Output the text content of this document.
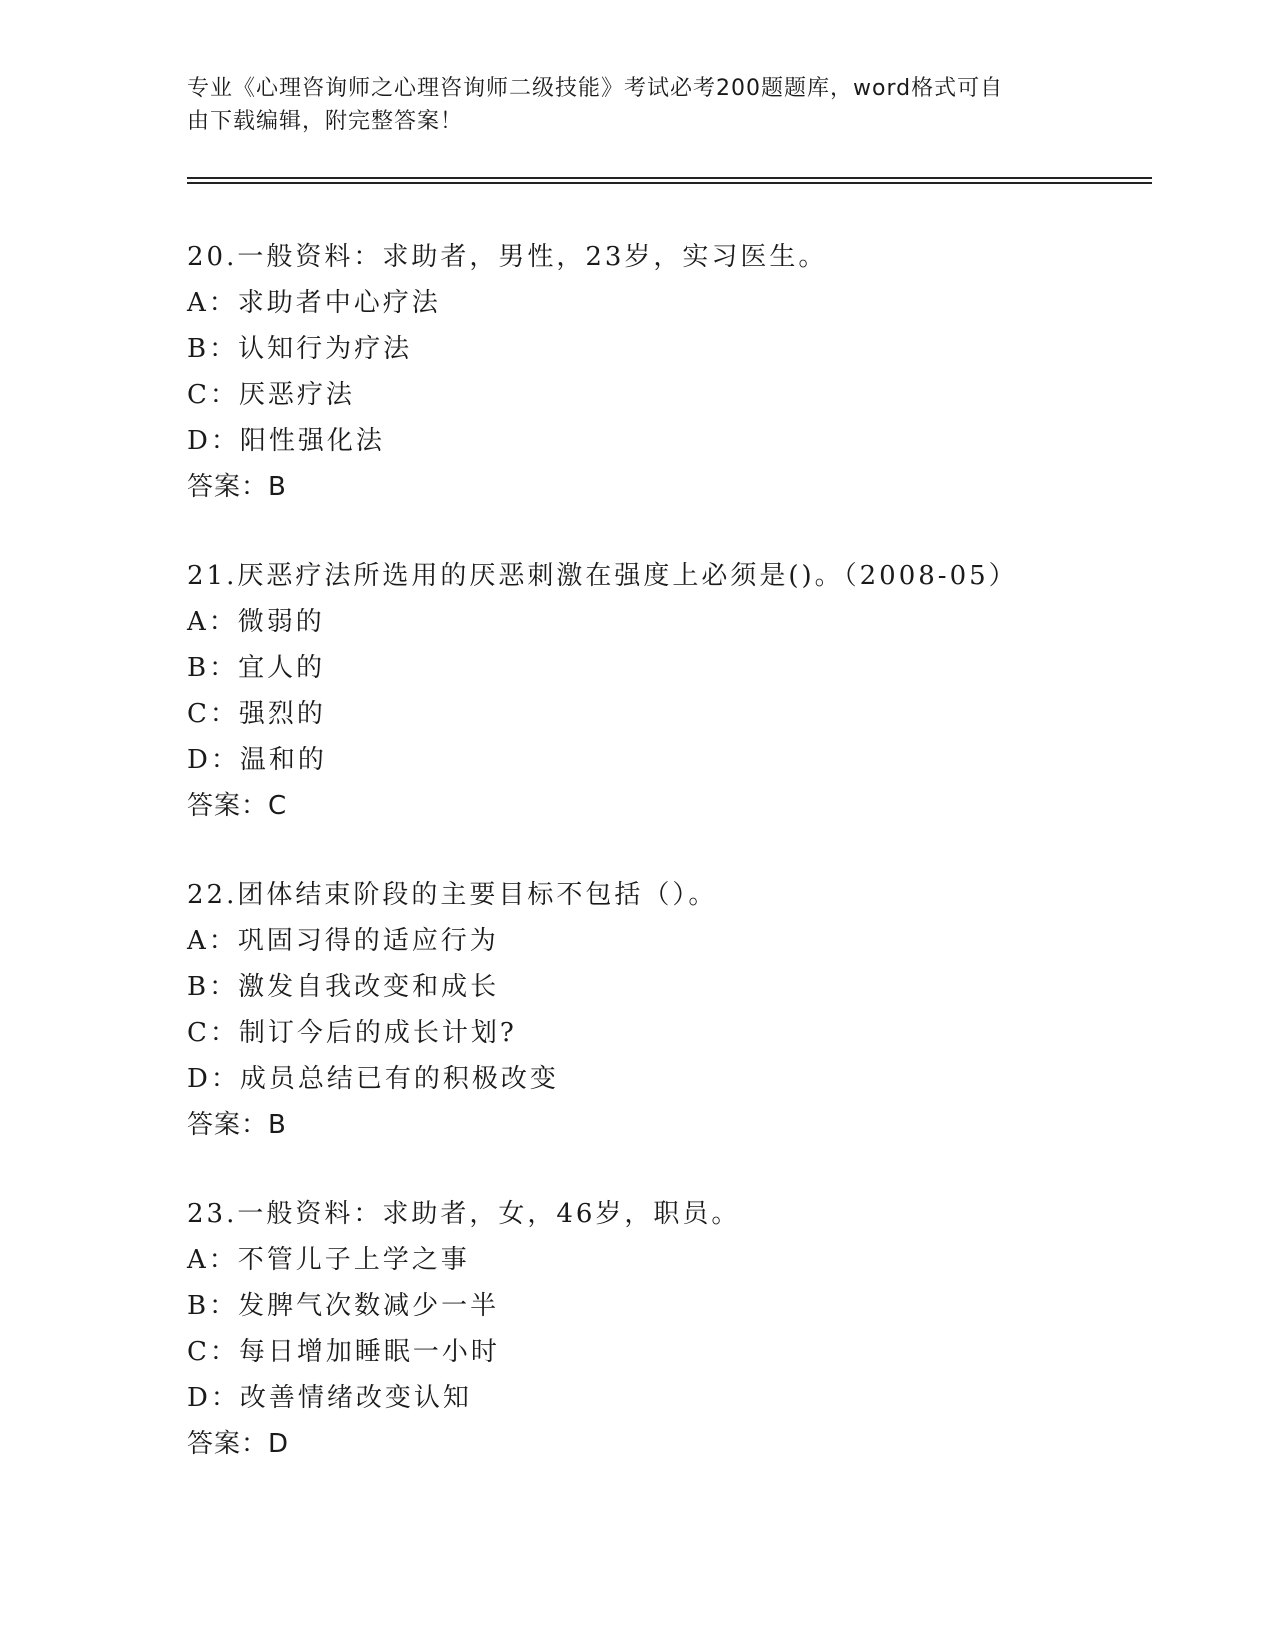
专业《心理咨询师之心理咨询师二级技能》考试必考200题题库，word格式可自
由下载编辑，附完整答案！
20.一般资料：求助者，男性，23岁，实习医生。
A：求助者中心疗法
B：认知行为疗法
C：厌恶疗法
D：阳性强化法
答案：B
21.厌恶疗法所选用的厌恶刺激在强度上必须是()。（2008-05）
A：微弱的
B：宜人的
C：强烈的
D：温和的
答案：C
22.团体结束阶段的主要目标不包括（）。
A：巩固习得的适应行为
B：激发自我改变和成长
C：制订今后的成长计划?
D：成员总结已有的积极改变
答案：B
23.一般资料：求助者，女，46岁，职员。
A：不管儿子上学之事
B：发脾气次数减少一半
C：每日增加睡眠一小时
D：改善情绪改变认知
答案：D
